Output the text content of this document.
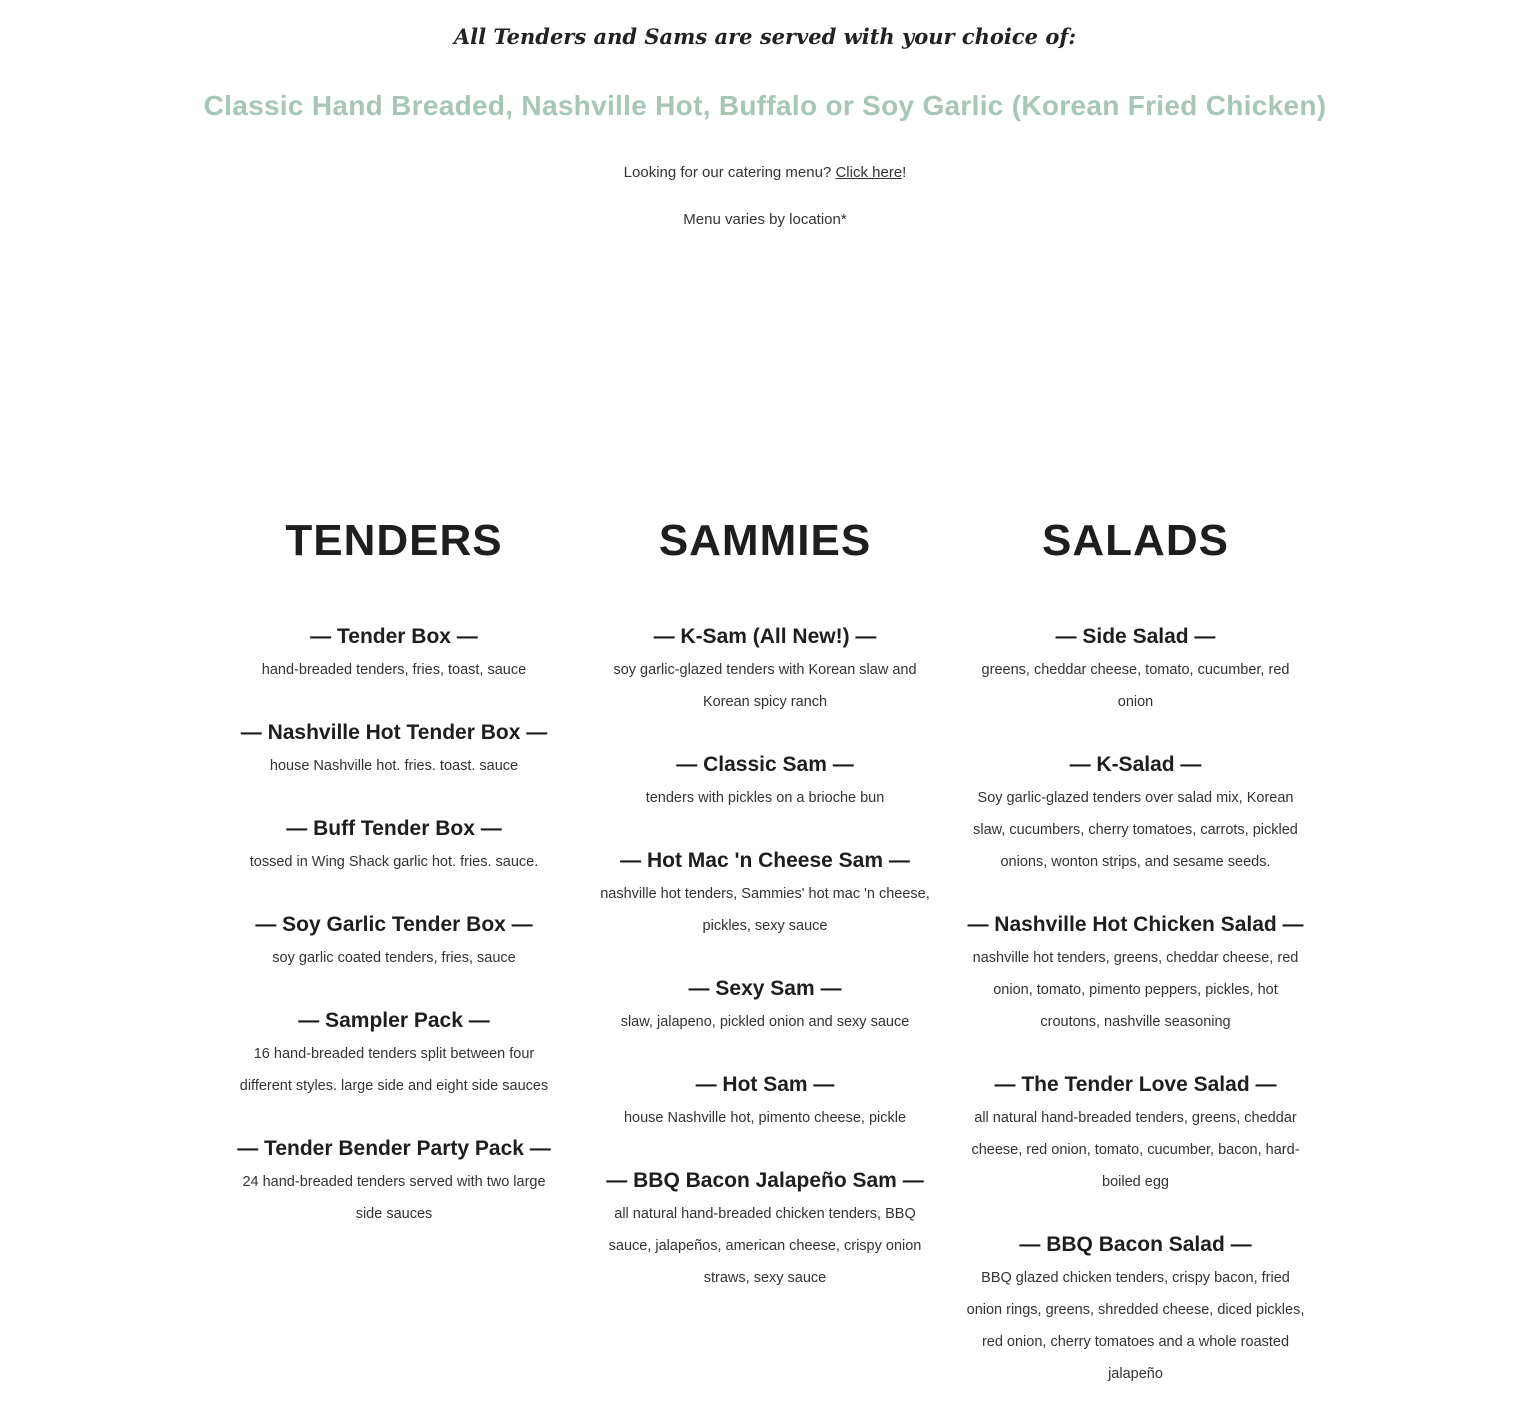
All Tenders and Sams are served with your choice of:
Classic Hand Breaded, Nashville Hot, Buffalo or Soy Garlic (Korean Fried Chicken)

Looking for our catering menu? Click here!

Menu varies by location*

TENDERS
— Tender Box —

hand-breaded tenders, fries, toast, sauce

— Nashville Hot Tender Box —

house Nashville hot. fries. toast. sauce

— Buff Tender Box —

tossed in Wing Shack garlic hot. fries. sauce.

— Soy Garlic Tender Box —

soy garlic coated tenders, fries, sauce

— Sampler Pack —

16 hand-breaded tenders split between four different styles. large side and eight side sauces

— Tender Bender Party Pack —

24 hand-breaded tenders served with two large side sauces

SAMMIES
— K-Sam (All New!) —

soy garlic-glazed tenders with Korean slaw and Korean spicy ranch

— Classic Sam —

tenders with pickles on a brioche bun

— Hot Mac 'n Cheese Sam —

nashville hot tenders, Sammies' hot mac 'n cheese, pickles, sexy sauce

— Sexy Sam —

slaw, jalapeno, pickled onion and sexy sauce

— Hot Sam —

house Nashville hot, pimento cheese, pickle

— BBQ Bacon Jalapeño Sam —

all natural hand-breaded chicken tenders, BBQ sauce, jalapeños, american cheese, crispy onion straws, sexy sauce

SALADS
— Side Salad —

greens, cheddar cheese, tomato, cucumber, red onion

— K-Salad —

Soy garlic-glazed tenders over salad mix, Korean slaw, cucumbers, cherry tomatoes, carrots, pickled onions, wonton strips, and sesame seeds.

— Nashville Hot Chicken Salad —

nashville hot tenders, greens, cheddar cheese, red onion, tomato, pimento peppers, pickles, hot croutons, nashville seasoning

— The Tender Love Salad —

all natural hand-breaded tenders, greens, cheddar cheese, red onion, tomato, cucumber, bacon, hard-boiled egg

— BBQ Bacon Salad —

BBQ glazed chicken tenders, crispy bacon, fried onion rings, greens, shredded cheese, diced pickles, red onion, cherry tomatoes and a whole roasted jalapeño
